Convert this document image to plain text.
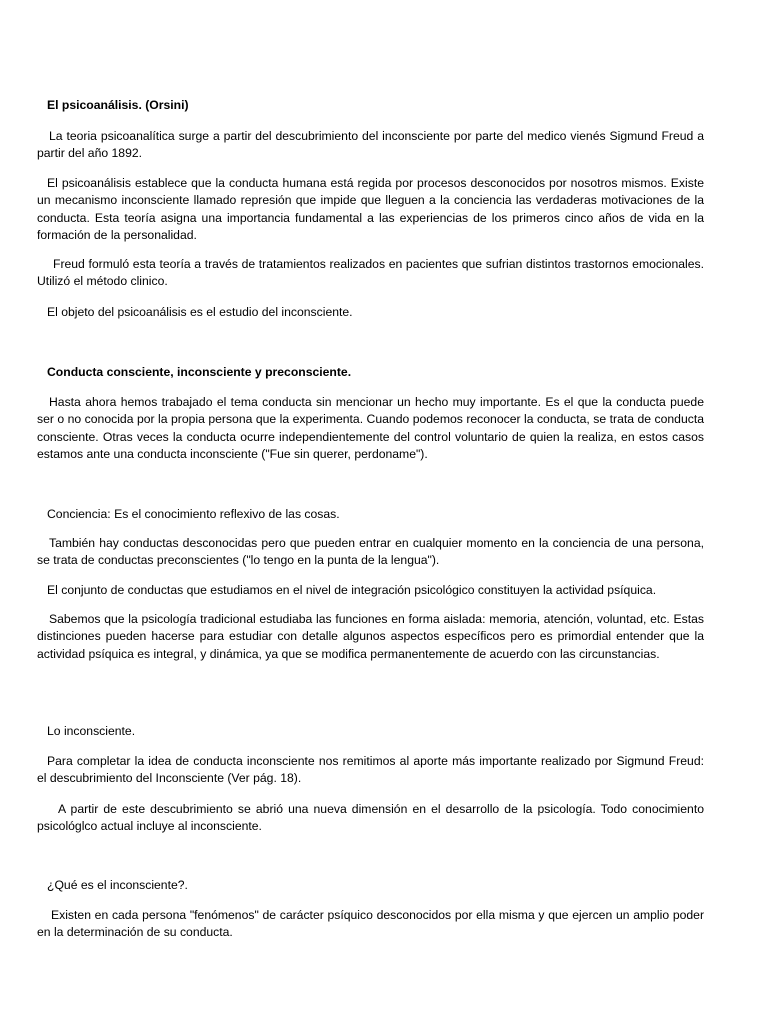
El psicoanálisis. (Orsini)

La teoria psicoanalítica surge a partir del descubrimiento del inconsciente por parte del medico vienés Sigmund Freud a partir del año 1892.

El psicoanálisis establece que la conducta humana está regida por procesos desconocidos por nosotros mismos. Existe un mecanismo inconsciente llamado represión que impide que lleguen a la conciencia las verdaderas motivaciones de la conducta. Esta teoría asigna una importancia fundamental a las experiencias de los primeros cinco años de vida en la formación de la personalidad.

Freud formuló esta teoría a través de tratamientos realizados en pacientes que sufrian distintos trastornos emocionales. Utilizó el método clinico.

El objeto del psicoanálisis es el estudio del inconsciente.

Conducta consciente, inconsciente y preconsciente.

Hasta ahora hemos trabajado el tema conducta sin mencionar un hecho muy importante. Es el que la conducta puede ser o no conocida por la propia persona que la experimenta. Cuando podemos reconocer la conducta, se trata de conducta consciente. Otras veces la conducta ocurre independientemente del control voluntario de quien la realiza, en estos casos estamos ante una conducta inconsciente ("Fue sin querer, perdoname").

Conciencia: Es el conocimiento reflexivo de las cosas.

También hay conductas desconocidas pero que pueden entrar en cualquier momento en la conciencia de una persona, se trata de conductas preconscientes ("lo tengo en la punta de la lengua").

El conjunto de conductas que estudiamos en el nivel de integración psicológico constituyen la actividad psíquica.

Sabemos que la psicología tradicional estudiaba las funciones en forma aislada: memoria, atención, voluntad, etc. Estas distinciones pueden hacerse para estudiar con detalle algunos aspectos específicos pero es primordial entender que la actividad psíquica es integral, y dinámica, ya que se modifica permanentemente de acuerdo con las circunstancias.

Lo inconsciente.

Para completar la idea de conducta inconsciente nos remitimos al aporte más importante realizado por Sigmund Freud: el descubrimiento del Inconsciente (Ver pág. 18).

A partir de este descubrimiento se abrió una nueva dimensión en el desarrollo de la psicología. Todo conocimiento psicológlco actual incluye al inconsciente.

¿Qué es el inconsciente?.

Existen en cada persona "fenómenos" de carácter psíquico desconocidos por ella misma y que ejercen un amplio poder en la determinación de su conducta.
